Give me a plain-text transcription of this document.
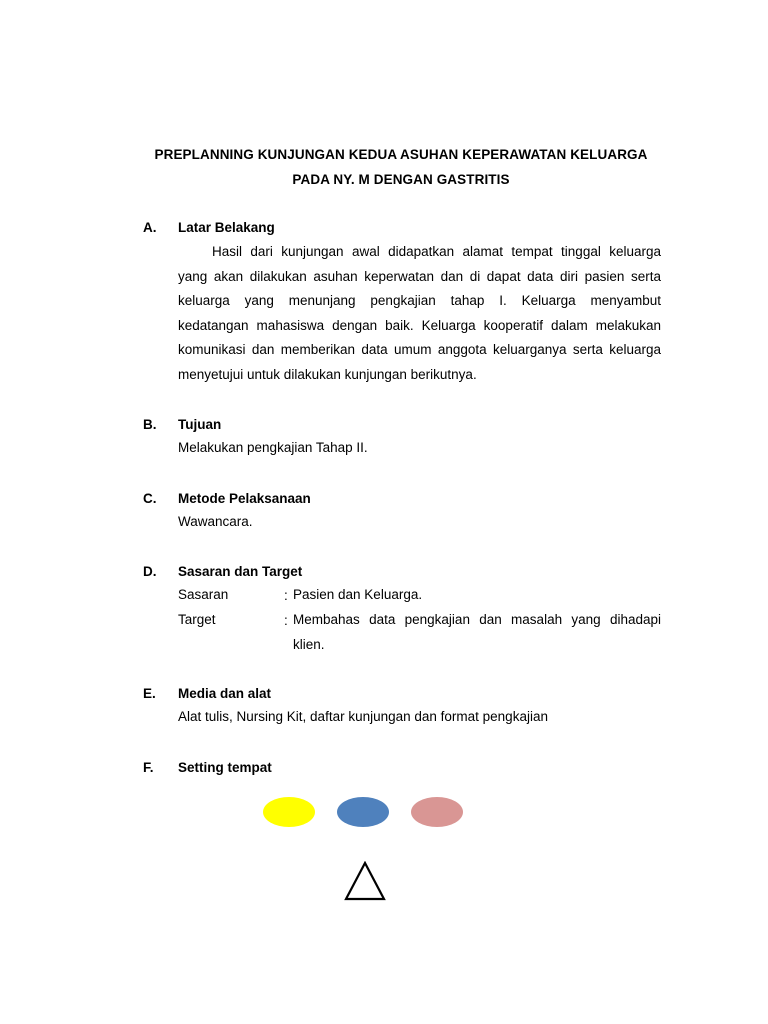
PREPLANNING KUNJUNGAN KEDUA ASUHAN KEPERAWATAN KELUARGA
PADA NY. M DENGAN GASTRITIS
A. Latar Belakang
Hasil dari kunjungan awal didapatkan alamat tempat tinggal keluarga
yang akan dilakukan asuhan keperwatan dan di dapat data diri pasien serta
keluarga yang menunjang pengkajian tahap I. Keluarga menyambut
kedatangan mahasiswa dengan baik. Keluarga kooperatif dalam melakukan
komunikasi dan memberikan data umum anggota keluarganya serta keluarga
menyetujui untuk dilakukan kunjungan berikutnya.
B. Tujuan
Melakukan pengkajian Tahap II.
C. Metode Pelaksanaan
Wawancara.
D. Sasaran dan Target
Sasaran	: Pasien dan Keluarga.
Target	: Membahas data pengkajian dan masalah yang dihadapi
klien.
E. Media dan alat
Alat tulis, Nursing Kit, daftar kunjungan dan format pengkajian
F. Setting tempat
